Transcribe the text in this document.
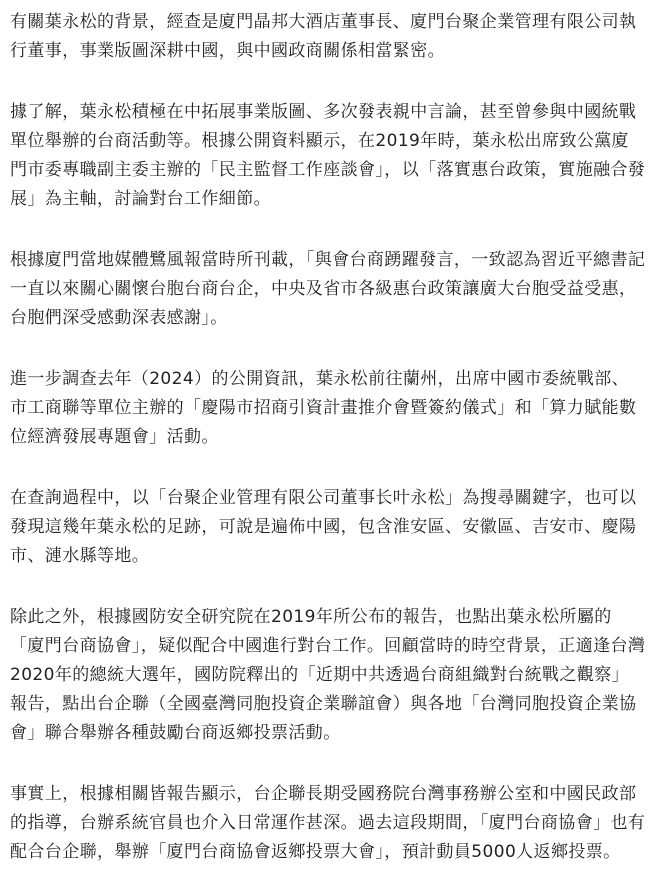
有關葉永松的背景，經查是廈門晶邦大酒店董事長、廈門台聚企業管理有限公司執行董事，事業版圖深耕中國，與中國政商關係相當緊密。

據了解，葉永松積極在中拓展事業版圖、多次發表親中言論，甚至曾參與中國統戰單位舉辦的台商活動等。根據公開資料顯示，在2019年時，葉永松出席致公黨廈門市委專職副主委主辦的「民主監督工作座談會」，以「落實惠台政策，實施融合發展」為主軸，討論對台工作細節。

根據廈門當地媒體鷺風報當時所刊載，「與會台商踴躍發言，一致認為習近平總書記一直以來關心關懷台胞台商台企，中央及省市各級惠台政策讓廣大台胞受益受惠，台胞們深受感動深表感謝」。

進一步調查去年（2024）的公開資訊，葉永松前往蘭州，出席中國市委統戰部、市工商聯等單位主辦的「慶陽市招商引資計畫推介會暨簽約儀式」和「算力賦能數位經濟發展專題會」活動。

在查詢過程中，以「台聚企业管理有限公司董事长叶永松」為搜尋關鍵字，也可以發現這幾年葉永松的足跡，可說是遍佈中國，包含淮安區、安徽區、吉安市、慶陽市、漣水縣等地。

除此之外，根據國防安全研究院在2019年所公布的報告，也點出葉永松所屬的「廈門台商協會」，疑似配合中國進行對台工作。回顧當時的時空背景，正適逢台灣2020年的總統大選年，國防院釋出的「近期中共透過台商組織對台統戰之觀察」報告，點出台企聯（全國臺灣同胞投資企業聯誼會）與各地「台灣同胞投資企業協會」聯合舉辦各種鼓勵台商返鄉投票活動。

事實上，根據相關皆報告顯示，台企聯長期受國務院台灣事務辦公室和中國民政部的指導，台辦系統官員也介入日常運作甚深。過去這段期間，「廈門台商協會」也有配合台企聯，舉辦「廈門台商協會返鄉投票大會」，預計動員5000人返鄉投票。
